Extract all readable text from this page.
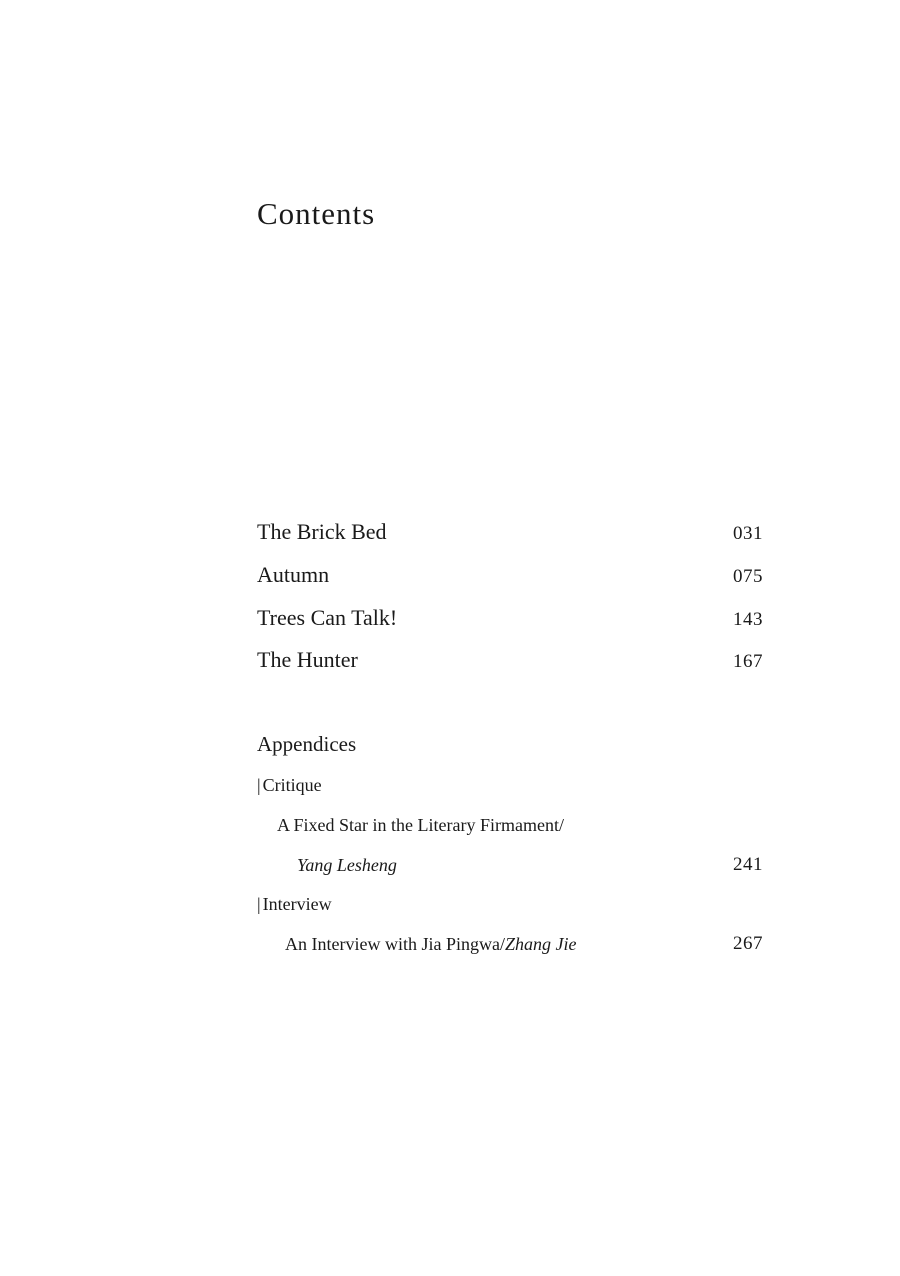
Contents
The Brick Bed	031
Autumn	075
Trees Can Talk!	143
The Hunter	167
Appendices
| Critique
A Fixed Star in the Literary Firmament/
Yang Lesheng	241
| Interview
An Interview with Jia Pingwa/Zhang Jie	267
